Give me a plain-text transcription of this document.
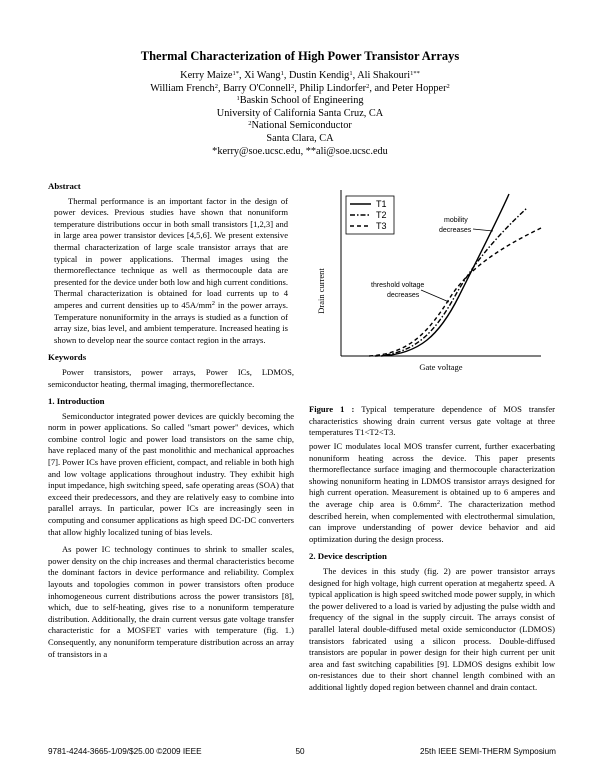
Thermal Characterization of High Power Transistor Arrays
Kerry Maize$^{1*}$, Xi Wang$^1$, Dustin Kendig$^1$, Ali Shakouri$^{1**}$
William French$^2$, Barry O'Connell$^2$, Philip Lindorfer$^2$, and Peter Hopper$^2$
$^1$Baskin School of Engineering
University of California Santa Cruz, CA
$^2$National Semiconductor
Santa Clara, CA
*kerry@soe.ucsc.edu, **ali@soe.ucsc.edu
Abstract

Thermal performance is an important factor in the design of power devices. Previous studies have shown that nonuniform temperature distributions occur in both small transistors [1,2,3] and in large area power transistor devices [4,5,6]. We present extensive thermal characterization of large scale transistor arrays that are typical in power applications. Thermal images using the thermoreflectance technique as well as thermocouple data are presented for the device under both low and high current conditions. Thermal characterization is obtained for load currents up to 4 amperes and current densities up to $45A/mm^2$ in the power arrays. Temperature nonuniformity in the arrays is studied as a function of array size, bias level, and ambient temperature. Increased heating is shown to develop near the source contact region in the arrays.

Keywords

Power transistors, power arrays, Power ICs, LDMOS, semiconductor heating, thermal imaging, thermoreflectance.

1. Introduction

Semiconductor integrated power devices are quickly becoming the norm in power applications. So called "smart power" devices, which combine control logic and power load transistors on the same chip, have replaced many of the past monolithic and mechanical approaches [7]. Power ICs have proven efficient, compact, and reliable in both high and low voltage applications throughout industry. They exhibit high input impedance, high switching speed, safe operating areas (SOA) that exceed their predecessors, and they are relatively easy to combine into parallel arrays. In particular, power ICs are increasingly seen in computing and consumer applications as high speed DC-DC converters that allow highly localized tuning of bias levels.

As power IC technology continues to shrink to smaller scales, power density on the chip increases and thermal characteristics become the dominant factors in device performance and reliability. Complex layouts and topologies common in power transistors often produce inhomogeneous current distributions across the power transistors [8], which, due to self-heating, gives rise to a nonuniform temperature distribution. Additionally, the drain current versus gate voltage transfer characteristic for a MOSFET varies with temperature (fig. 1.) Consequently, any nonuniform temperature distribution across an array of transistors in a

T1
T2
T3
mobility
decreases
threshold voltage
decreases
Drain current
Gate voltage
Figure 1 : Typical temperature dependence of MOS transfer characteristics showing drain current versus gate voltage at three temperatures T1<T2<T3.

power IC modulates local MOS transfer current, further exacerbating nonuniform heating across the device. This paper presents thermoreflectance surface imaging and thermocouple characterization showing nonuniform heating in LDMOS transistor arrays designed for high current operation. Measurement is obtained up to 6 amperes and the average chip area is $0.6mm^2$. The characterization method described herein, when complemented with electrothermal simulation, can improve understanding of power device behavior and aid optimization during the design process.

2. Device description

The devices in this study (fig. 2) are power transistor arrays designed for high voltage, high current operation at megahertz speed. A typical application is high speed switched mode power supply, in which the power delivered to a load is varied by adjusting the pulse width and frequency of the signal in the supply circuit. The arrays consist of parallel lateral double-diffused metal oxide semiconductor (LDMOS) transistors fabricated using a silicon process. Double-diffused transistors are popular in power design for their high current per unit area and fast switching capabilities [9]. LDMOS designs exhibit low on-resistances due to their short channel length combined with an additional lightly doped region between channel and drain contact.

9781-4244-3665-1/09/$25.00 ©2009 IEEE	50	25th IEEE SEMI-THERM Symposium
